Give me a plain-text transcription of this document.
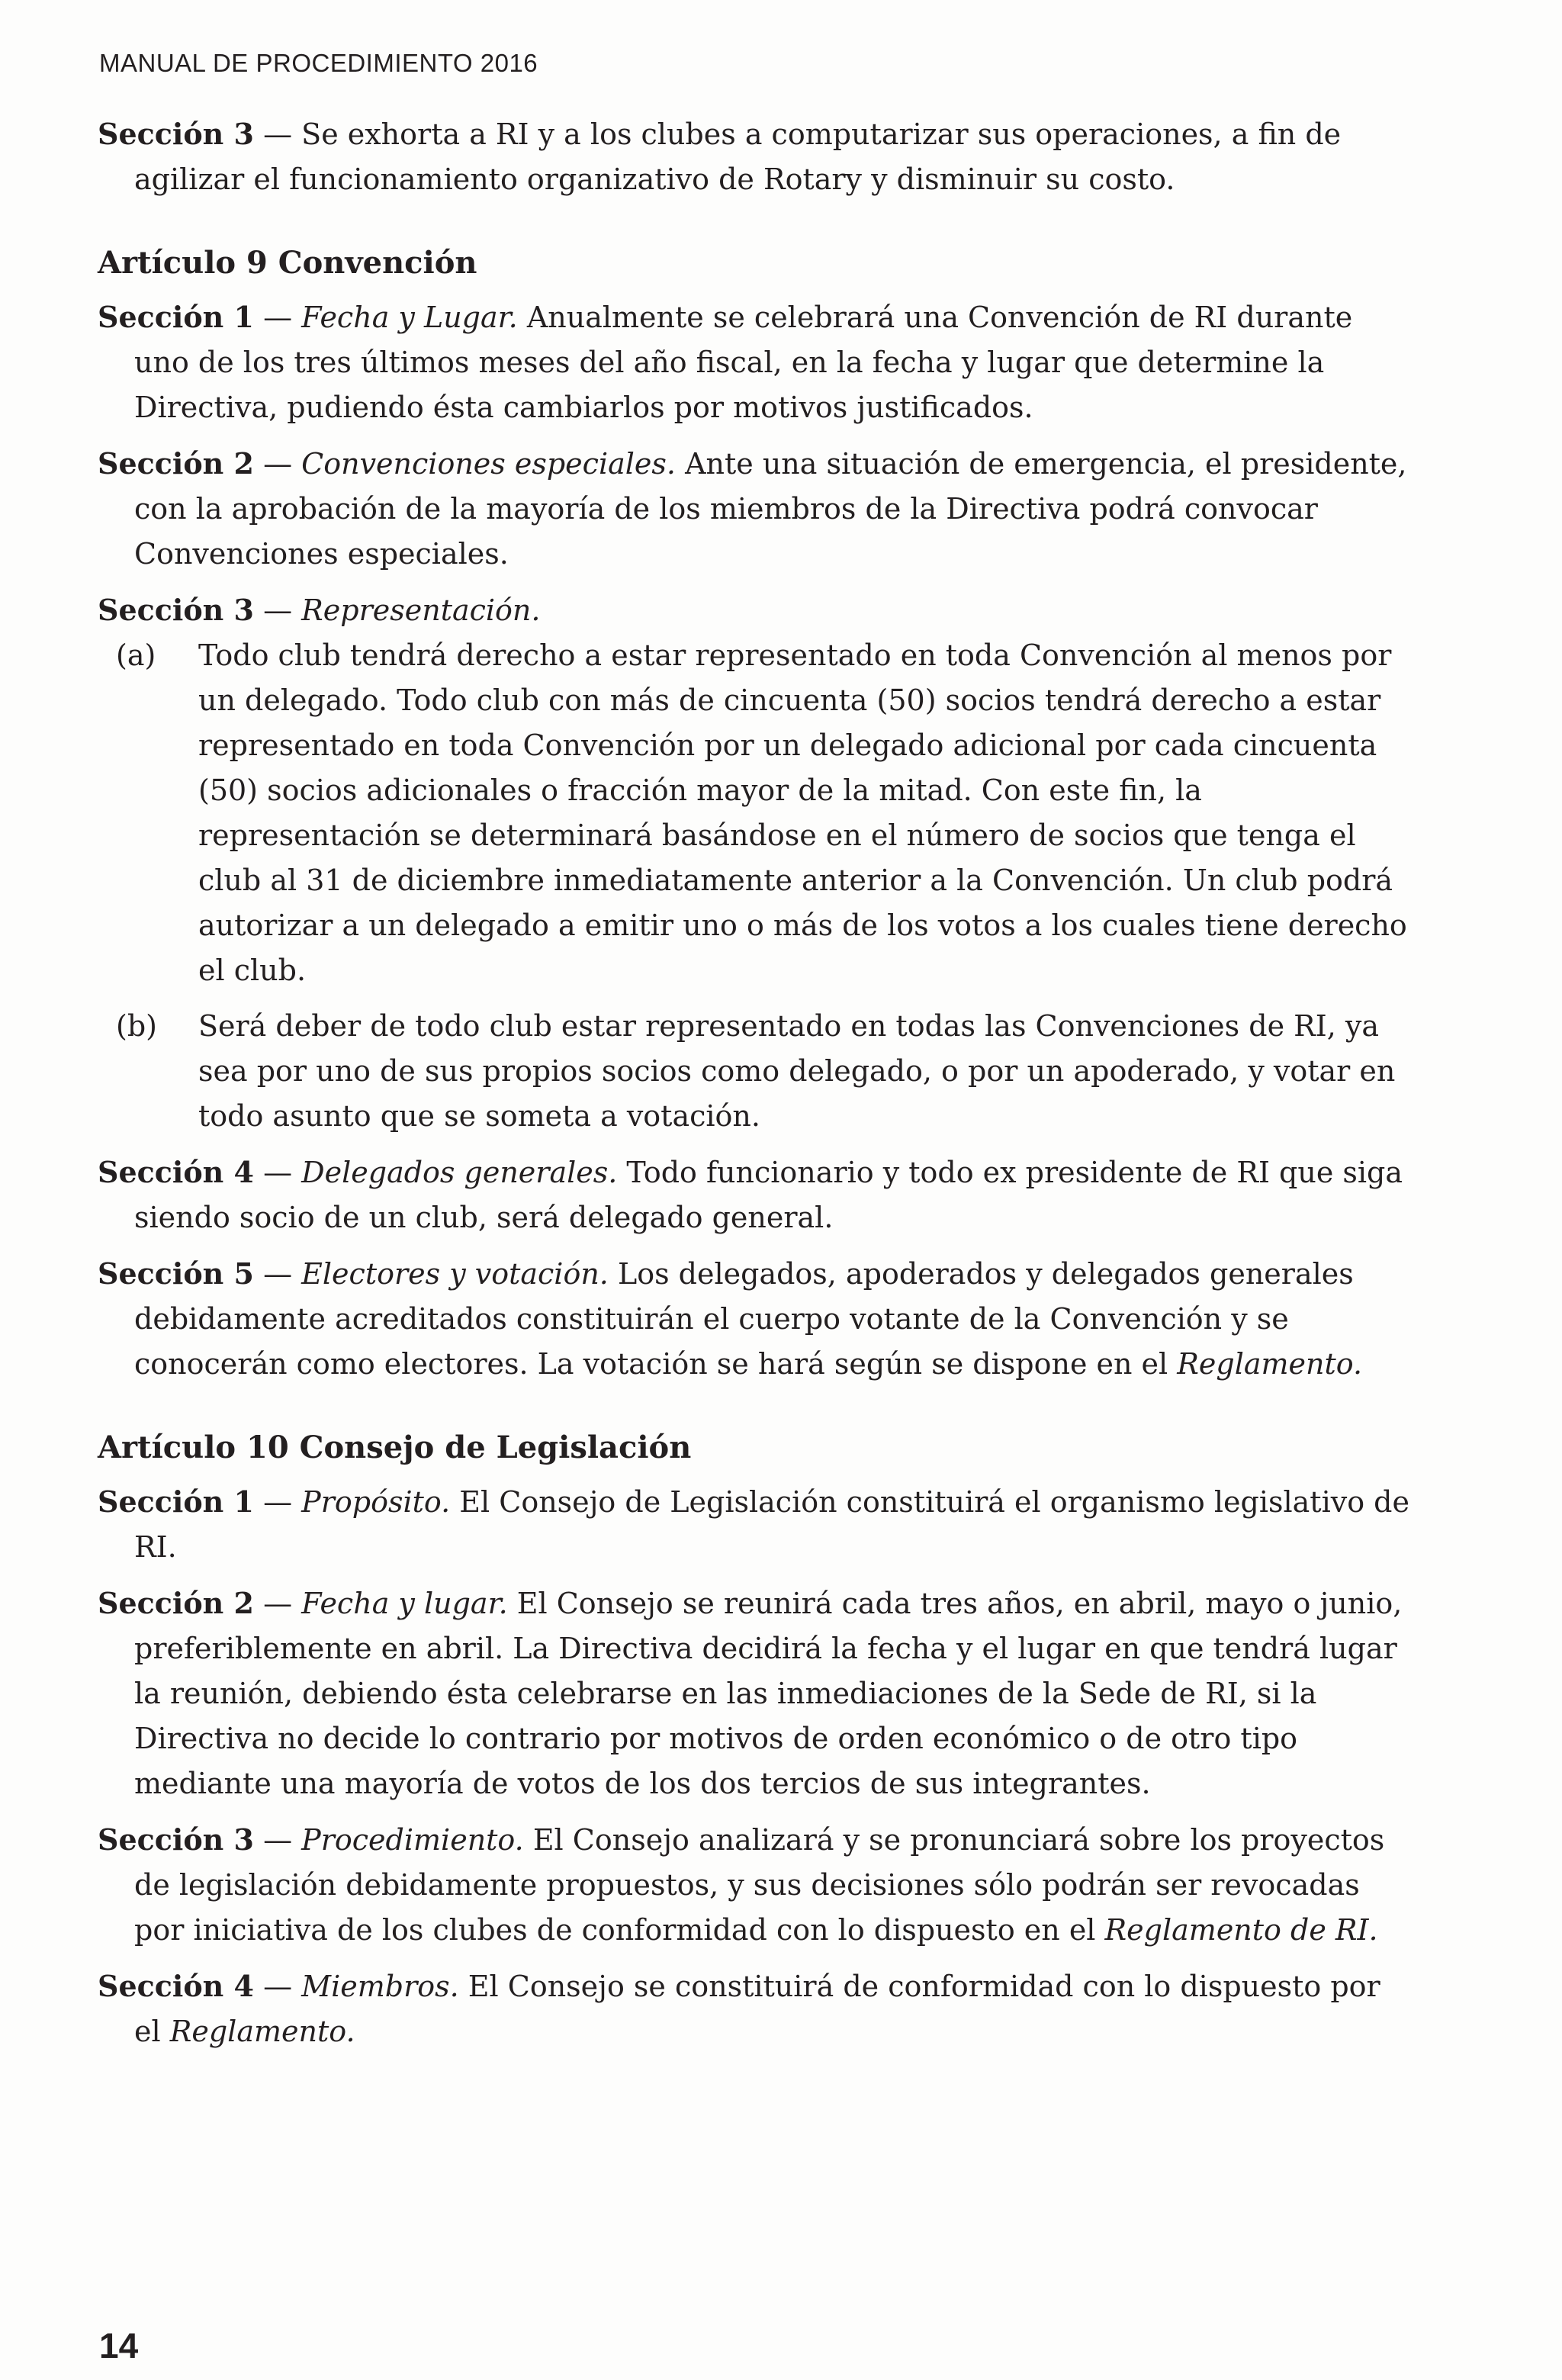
MANUAL DE PROCEDIMIENTO 2016

Sección 3 — Se exhorta a RI y a los clubes a computarizar sus operaciones, a fin de agilizar el funcionamiento organizativo de Rotary y disminuir su costo.

Artículo 9 Convención

Sección 1 — Fecha y Lugar. Anualmente se celebrará una Convención de RI durante uno de los tres últimos meses del año fiscal, en la fecha y lugar que determine la Directiva, pudiendo ésta cambiarlos por motivos justificados.

Sección 2 — Convenciones especiales. Ante una situación de emergencia, el presidente, con la aprobación de la mayoría de los miembros de la Directiva podrá convocar Convenciones especiales.

Sección 3 — Representación.

(a)	Todo club tendrá derecho a estar representado en toda Convención al menos por un delegado. Todo club con más de cincuenta (50) socios tendrá derecho a estar representado en toda Convención por un delegado adicional por cada cincuenta (50) socios adicionales o fracción mayor de la mitad. Con este fin, la representación se determinará basándose en el número de socios que tenga el club al 31 de diciembre inmediatamente anterior a la Convención. Un club podrá autorizar a un delegado a emitir uno o más de los votos a los cuales tiene derecho el club.
(b)	Será deber de todo club estar representado en todas las Convenciones de RI, ya sea por uno de sus propios socios como delegado, o por un apoderado, y votar en todo asunto que se someta a votación.

Sección 4 — Delegados generales. Todo funcionario y todo ex presidente de RI que siga siendo socio de un club, será delegado general.

Sección 5 — Electores y votación. Los delegados, apoderados y delegados generales debidamente acreditados constituirán el cuerpo votante de la Convención y se conocerán como electores. La votación se hará según se dispone en el Reglamento.

Artículo 10 Consejo de Legislación

Sección 1 — Propósito. El Consejo de Legislación constituirá el organismo legislativo de RI.

Sección 2 — Fecha y lugar. El Consejo se reunirá cada tres años, en abril, mayo o junio, preferiblemente en abril. La Directiva decidirá la fecha y el lugar en que tendrá lugar la reunión, debiendo ésta celebrarse en las inmediaciones de la Sede de RI, si la Directiva no decide lo contrario por motivos de orden económico o de otro tipo mediante una mayoría de votos de los dos tercios de sus integrantes.

Sección 3 — Procedimiento. El Consejo analizará y se pronunciará sobre los proyectos de legislación debidamente propuestos, y sus decisiones sólo podrán ser revocadas por iniciativa de los clubes de conformidad con lo dispuesto en el Reglamento de RI.

Sección 4 — Miembros. El Consejo se constituirá de conformidad con lo dispuesto por el Reglamento.

14
